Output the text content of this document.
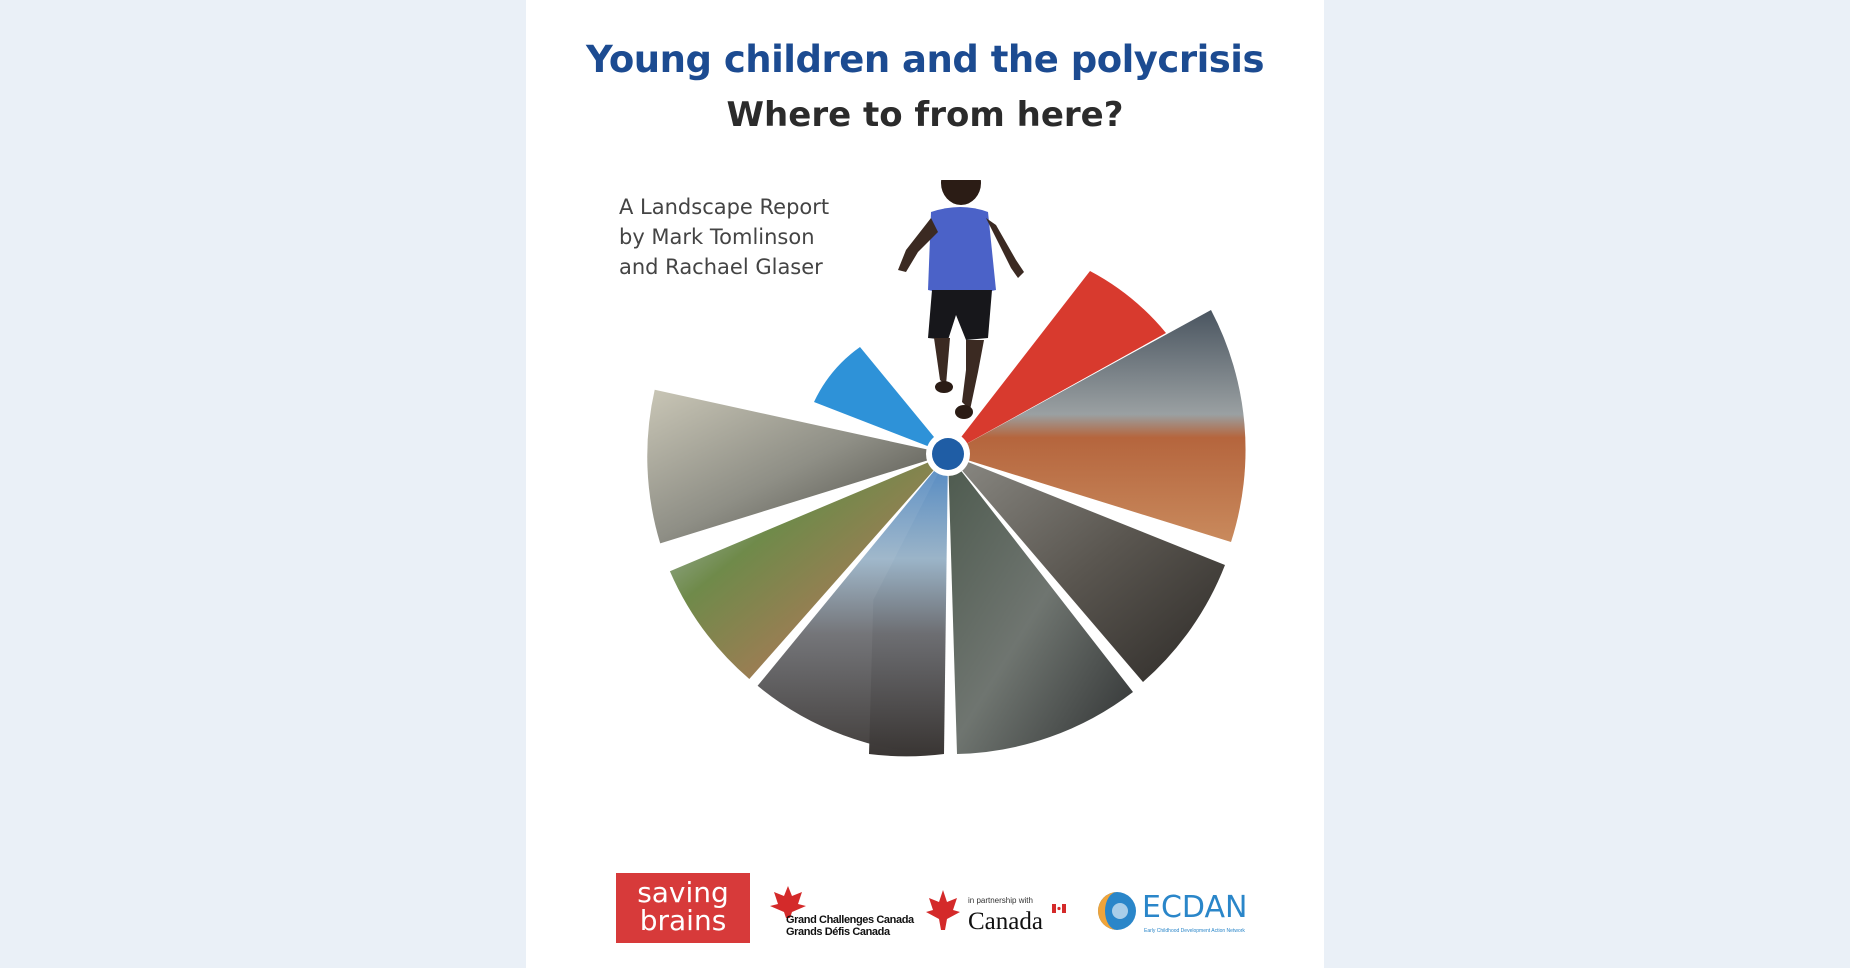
Young children and the polycrisis
Where to from here?
A Landscape Report
by Mark Tomlinson
and Rachael Glaser
saving
brains	Grand Challenges Canada
Grands Défis Canada
in partnership with
Canada	ECDAN
Early Childhood Development Action Network
